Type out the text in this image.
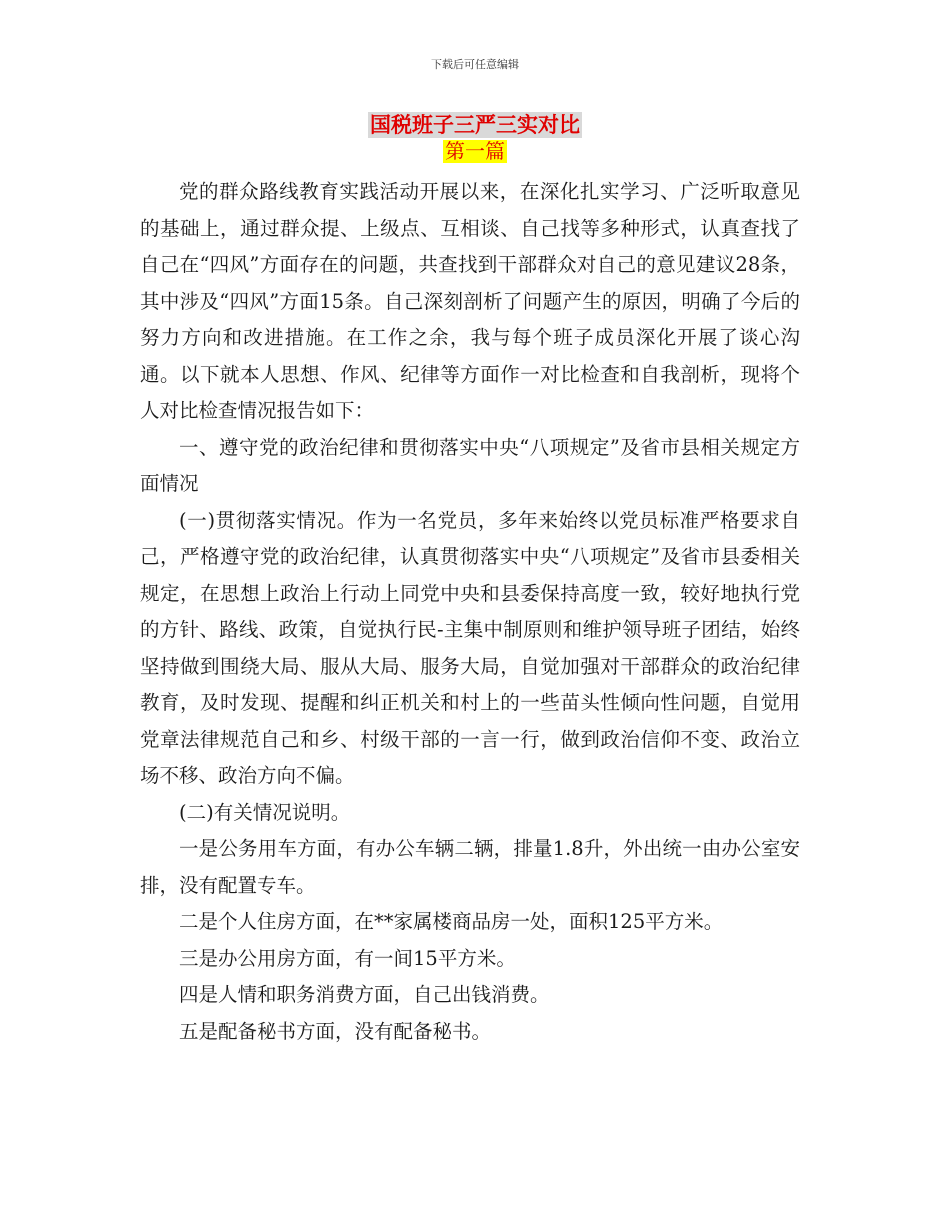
下载后可任意编辑
国税班子三严三实对比
第一篇

党的群众路线教育实践活动开展以来，在深化扎实学习、广泛听取意见的基础上，通过群众提、上级点、互相谈、自己找等多种形式，认真查找了自己在“四风”方面存在的问题，共查找到干部群众对自己的意见建议28条，其中涉及“四风”方面15条。自己深刻剖析了问题产生的原因，明确了今后的努力方向和改进措施。在工作之余，我与每个班子成员深化开展了谈心沟通。以下就本人思想、作风、纪律等方面作一对比检查和自我剖析，现将个人对比检查情况报告如下：

一、遵守党的政治纪律和贯彻落实中央“八项规定”及省市县相关规定方面情况

(一)贯彻落实情况。作为一名党员，多年来始终以党员标准严格要求自己，严格遵守党的政治纪律，认真贯彻落实中央“八项规定”及省市县委相关规定，在思想上政治上行动上同党中央和县委保持高度一致，较好地执行党的方针、路线、政策，自觉执行民-主集中制原则和维护领导班子团结，始终坚持做到围绕大局、服从大局、服务大局，自觉加强对干部群众的政治纪律教育，及时发现、提醒和纠正机关和村上的一些苗头性倾向性问题，自觉用党章法律规范自己和乡、村级干部的一言一行，做到政治信仰不变、政治立场不移、政治方向不偏。

(二)有关情况说明。

一是公务用车方面，有办公车辆二辆，排量1.8升，外出统一由办公室安排，没有配置专车。

二是个人住房方面，在**家属楼商品房一处，面积125平方米。

三是办公用房方面，有一间15平方米。

四是人情和职务消费方面，自己出钱消费。

五是配备秘书方面，没有配备秘书。
